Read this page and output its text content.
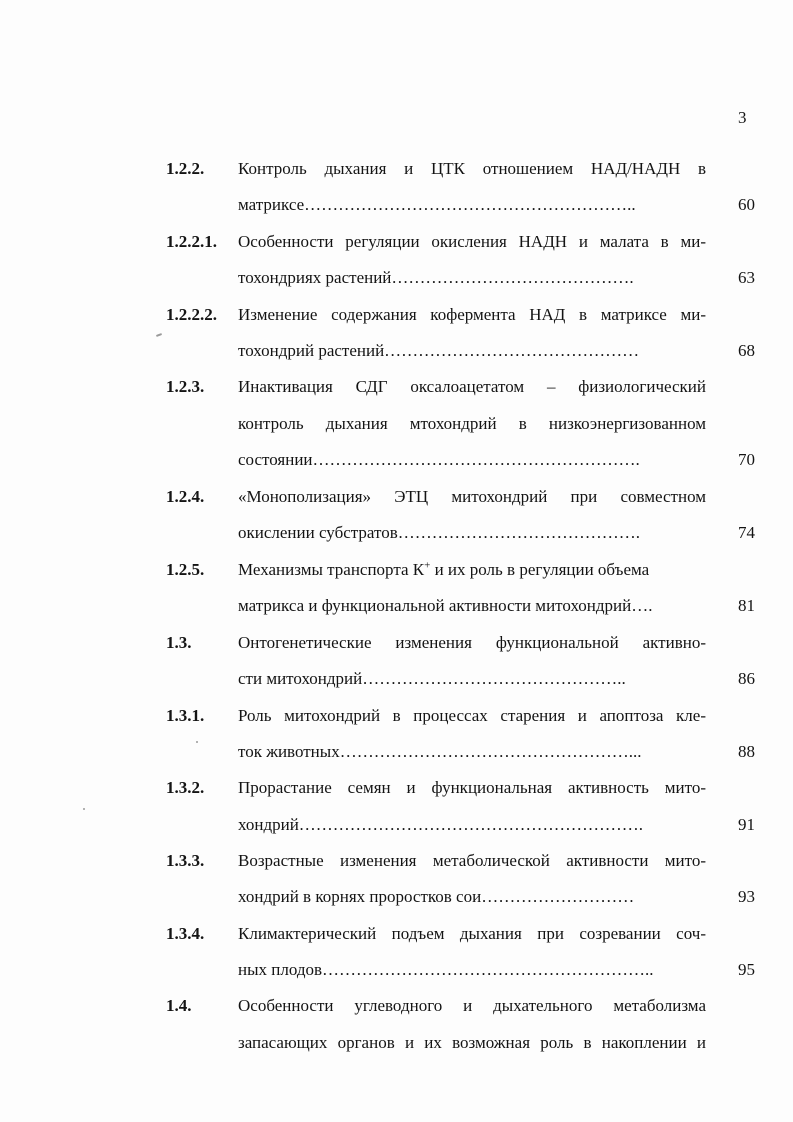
3
1.2.2. Контроль дыхания и ЦТК отношением НАД/НАДН в
матриксе…………………………………………………..	60
1.2.2.1. Особенности регуляции окисления НАДН и малата в ми-
тохондриях растений…………………………………….	63
1.2.2.2. Изменение содержания кофермента НАД в матриксе ми-
тохондрий растений………………………………………	68
1.2.3. Инактивация СДГ оксалоацетатом – физиологический
контроль дыхания мтохондрий в низкоэнергизованном
состоянии………………………………………………….	70
1.2.4. «Монополизация» ЭТЦ митохондрий при совместном
окислении субстратов…………………………………….	74
1.2.5. Механизмы транспорта К+ и их роль в регуляции объема
матрикса и функциональной активности митохондрий….	81
1.3.	Онтогенетические изменения функциональной активно-
сти митохондрий………………………………………..	86
1.3.1. Роль митохондрий в процессах старения и апоптоза кле-
ток животных……………………………………………...	88
1.3.2. Прорастание семян и функциональная активность мито-
хондрий…………………………………………………….	91
1.3.3. Возрастные изменения метаболической активности мито-
хондрий в корнях проростков сои………………………	93
1.3.4. Климактерический подъем дыхания при созревании соч-
ных плодов…………………………………………………..	95
1.4.	Особенности углеводного и дыхательного метаболизма
запасающих органов и их возможная роль в накоплении и
